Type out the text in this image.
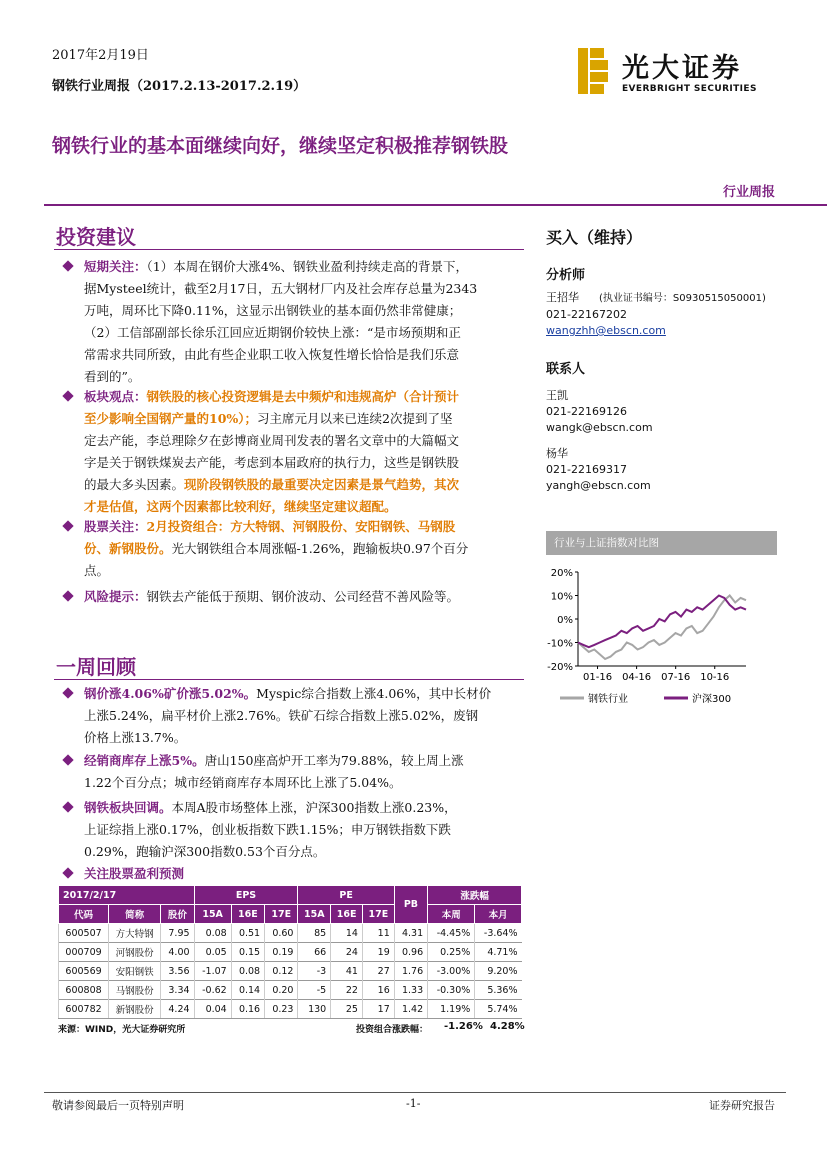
2017年2月19日
钢铁行业周报（2017.2.13-2017.2.19）
光大证券
EVERBRIGHT SECURITIES
钢铁行业的基本面继续向好，继续坚定积极推荐钢铁股
行业周报
投资建议
短期关注：（1）本周在钢价大涨4%、钢铁业盈利持续走高的背景下，
据Mysteel统计，截至2月17日，五大钢材厂内及社会库存总量为2343
万吨，周环比下降0.11%，这显示出钢铁业的基本面仍然非常健康；
（2）工信部副部长徐乐江回应近期钢价较快上涨：“是市场预期和正
常需求共同所致，由此有些企业职工收入恢复性增长恰恰是我们乐意
看到的”。
板块观点：钢铁股的核心投资逻辑是去中频炉和违规高炉（合计预计
至少影响全国钢产量的10%）；习主席元月以来已连续2次提到了坚
定去产能，李总理除夕在彭博商业周刊发表的署名文章中的大篇幅文
字是关于钢铁煤炭去产能，考虑到本届政府的执行力，这些是钢铁股
的最大多头因素。现阶段钢铁股的最重要决定因素是景气趋势，其次
才是估值，这两个因素都比较利好，继续坚定建议超配。
股票关注：2月投资组合：方大特钢、河钢股份、安阳钢铁、马钢股
份、新钢股份。光大钢铁组合本周涨幅-1.26%，跑输板块0.97个百分
点。
风险提示：钢铁去产能低于预期、钢价波动、公司经营不善风险等。
一周回顾
钢价涨4.06%矿价涨5.02%。Myspic综合指数上涨4.06%，其中长材价
上涨5.24%，扁平材价上涨2.76%。铁矿石综合指数上涨5.02%，废钢
价格上涨13.7%。
经销商库存上涨5%。唐山150座高炉开工率为79.88%，较上周上涨
1.22个百分点；城市经销商库存本周环比上涨了5.04%。
钢铁板块回调。本周A股市场整体上涨，沪深300指数上涨0.23%，
上证综指上涨0.17%，创业板指数下跌1.15%；申万钢铁指数下跌
0.29%，跑输沪深300指数0.53个百分点。
关注股票盈利预测
2017/2/17			EPS			PE			PB	涨跌幅	
代码	简称	股价	15A	16E	17E	15A	16E	17E		本周	本月
600507	方大特钢	7.95	0.08	0.51	0.60	85	14	11	4.31	-4.45%	-3.64%
000709	河钢股份	4.00	0.05	0.15	0.19	66	24	19	0.96	0.25%	4.71%
600569	安阳钢铁	3.56	-1.07	0.08	0.12	-3	41	27	1.76	-3.00%	9.20%
600808	马钢股份	3.34	-0.62	0.14	0.20	-5	22	16	1.33	-0.30%	5.36%
600782	新钢股份	4.24	0.04	0.16	0.23	130	25	17	1.42	1.19%	5.74%
来源：WIND，光大证券研究所	投资组合涨跌幅： -1.26% 4.28%
买入（维持）
分析师
王招华 (执业证书编号：S0930515050001)
021-22167202
wangzhh@ebscn.com
联系人
王凯
021-22169126
wangk@ebscn.com
杨华
021-22169317
yangh@ebscn.com
行业与上证指数对比图
20%
10%
0%
-10%
-20%
01-16 04-16 07-16 10-16
钢铁行业	沪深300
敬请参阅最后一页特别声明	-1-	证券研究报告
